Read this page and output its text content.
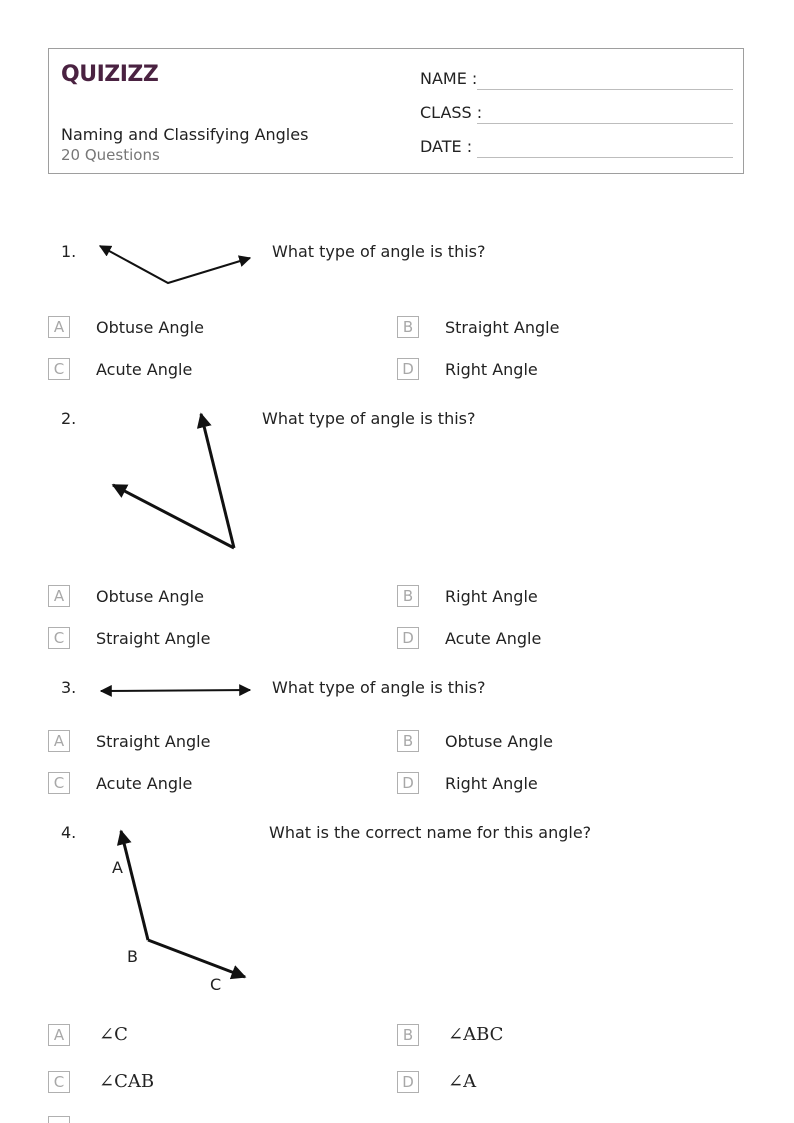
QUIZIZZ
Naming and Classifying Angles
20 Questions
NAME :
CLASS :
DATE :
1.	What type of angle is this?
A	Obtuse Angle	B	Straight Angle
C	Acute Angle	D	Right Angle
2.	What type of angle is this?
A	Obtuse Angle	B	Right Angle
C	Straight Angle	D	Acute Angle
3.	What type of angle is this?
A	Straight Angle	B	Obtuse Angle
C	Acute Angle	D	Right Angle
4.	What is the correct name for this angle?
A
B
C
A	∠C	B	∠ABC
C	∠CAB	D ∠A
